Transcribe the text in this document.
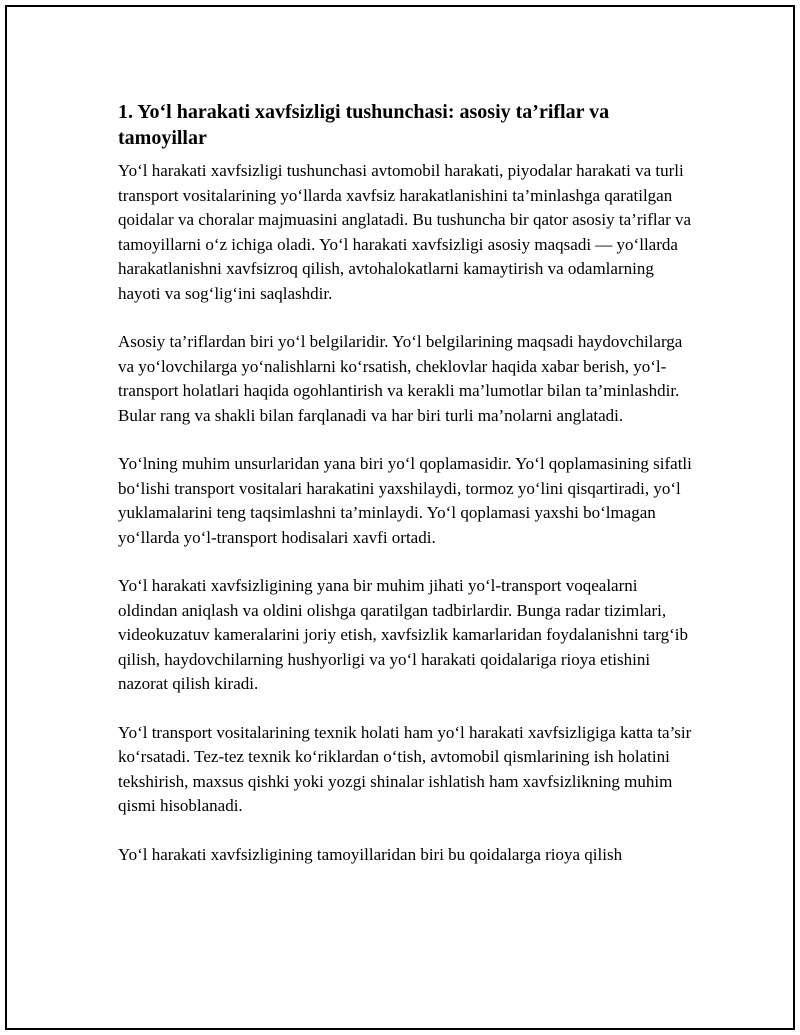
1. Yo‘l harakati xavfsizligi tushunchasi: asosiy ta’riflar va tamoyillar

Yo‘l harakati xavfsizligi tushunchasi avtomobil harakati, piyodalar harakati va turli transport vositalarining yo‘llarda xavfsiz harakatlanishini ta’minlashga qaratilgan qoidalar va choralar majmuasini anglatadi. Bu tushuncha bir qator asosiy ta’riflar va tamoyillarni o‘z ichiga oladi. Yo‘l harakati xavfsizligi asosiy maqsadi — yo‘llarda harakatlanishni xavfsizroq qilish, avtohalokatlarni kamaytirish va odamlarning hayoti va sog‘lig‘ini saqlashdir.

Asosiy ta’riflardan biri yo‘l belgilaridir. Yo‘l belgilarining maqsadi haydovchilarga va yo‘lovchilarga yo‘nalishlarni ko‘rsatish, cheklovlar haqida xabar berish, yo‘l-transport holatlari haqida ogohlantirish va kerakli ma’lumotlar bilan ta’minlashdir. Bular rang va shakli bilan farqlanadi va har biri turli ma’nolarni anglatadi.

Yo‘lning muhim unsurlaridan yana biri yo‘l qoplamasidir. Yo‘l qoplamasining sifatli bo‘lishi transport vositalari harakatini yaxshilaydi, tormoz yo‘lini qisqartiradi, yo‘l yuklamalarini teng taqsimlashni ta’minlaydi. Yo‘l qoplamasi yaxshi bo‘lmagan yo‘llarda yo‘l-transport hodisalari xavfi ortadi.

Yo‘l harakati xavfsizligining yana bir muhim jihati yo‘l-transport voqealarni oldindan aniqlash va oldini olishga qaratilgan tadbirlardir. Bunga radar tizimlari, videokuzatuv kameralarini joriy etish, xavfsizlik kamarlaridan foydalanishni targ‘ib qilish, haydovchilarning hushyorligi va yo‘l harakati qoidalariga rioya etishini nazorat qilish kiradi.

Yo‘l transport vositalarining texnik holati ham yo‘l harakati xavfsizligiga katta ta’sir ko‘rsatadi. Tez-tez texnik ko‘riklardan o‘tish, avtomobil qismlarining ish holatini tekshirish, maxsus qishki yoki yozgi shinalar ishlatish ham xavfsizlikning muhim qismi hisoblanadi.

Yo‘l harakati xavfsizligining tamoyillaridan biri bu qoidalarga rioya qilish
